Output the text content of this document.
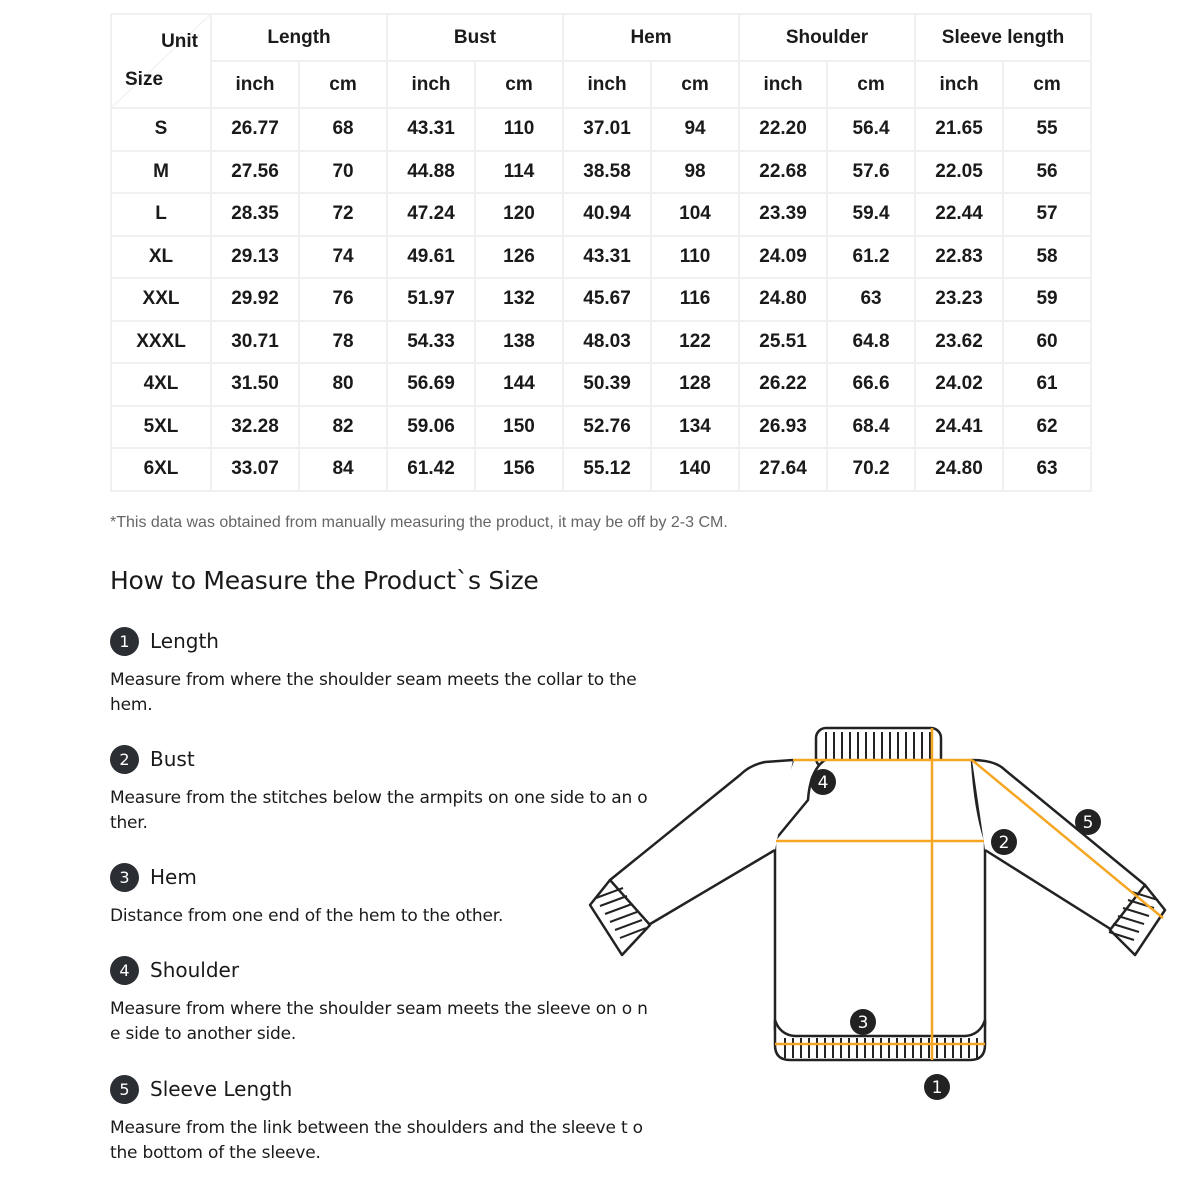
Unit
Size	Length		Bust		Hem		Shoulder		Sleeve length	
	inch	cm	inch	cm	inch	cm	inch	cm	inch	cm
S	26.77	68	43.31	110	37.01	94	22.20	56.4	21.65	55
M	27.56	70	44.88	114	38.58	98	22.68	57.6	22.05	56
L	28.35	72	47.24	120	40.94	104	23.39	59.4	22.44	57
XL	29.13	74	49.61	126	43.31	110	24.09	61.2	22.83	58
XXL	29.92	76	51.97	132	45.67	116	24.80	63	23.23	59
XXXL	30.71	78	54.33	138	48.03	122	25.51	64.8	23.62	60
4XL	31.50	80	56.69	144	50.39	128	26.22	66.6	24.02	61
5XL	32.28	82	59.06	150	52.76	134	26.93	68.4	24.41	62
6XL	33.07	84	61.42	156	55.12	140	27.64	70.2	24.80	63
*This data was obtained from manually measuring the product, it may be off by 2-3 CM.
How to Measure the Product`s Size
1	Length
Measure from where the shoulder seam meets the collar to the hem.
2	Bust
Measure from the stitches below the armpits on one side to an other.
3	Hem
Distance from one end of the hem to the other.
4	Shoulder
Measure from where the shoulder seam meets the sleeve on o ne side to another side.
5	Sleeve Length
Measure from the link between the shoulders and the sleeve t o the bottom of the sleeve.
1
2
3
4
5
